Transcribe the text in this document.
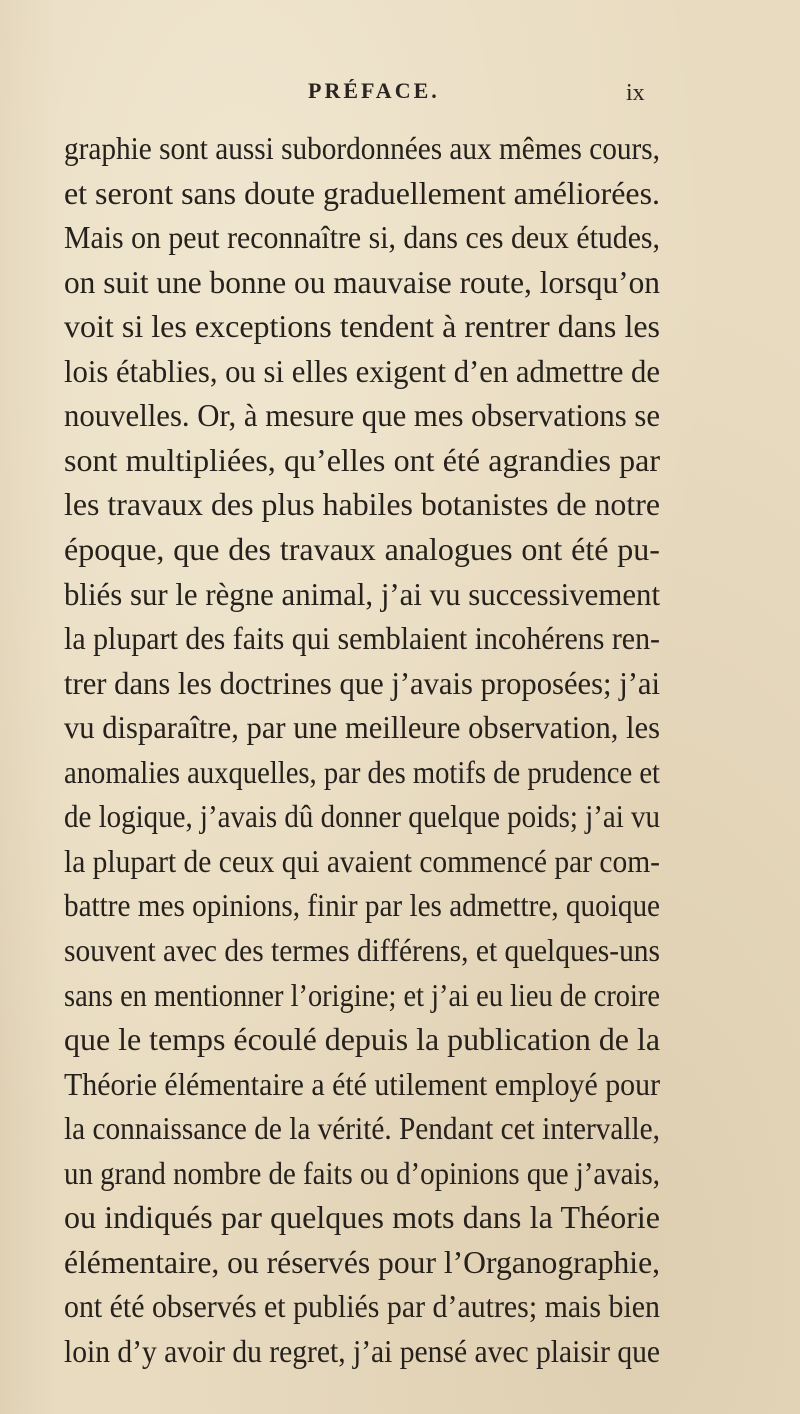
PRÉFACE.	ix
graphie sont aussi subordonnées aux mêmes cours,
et seront sans doute graduellement améliorées.
Mais on peut reconnaître si, dans ces deux études,
on suit une bonne ou mauvaise route, lorsqu’on
voit si les exceptions tendent à rentrer dans les
lois établies, ou si elles exigent d’en admettre de
nouvelles. Or, à mesure que mes observations se
sont multipliées, qu’elles ont été agrandies par
les travaux des plus habiles botanistes de notre
époque, que des travaux analogues ont été pu-
bliés sur le règne animal, j’ai vu successivement
la plupart des faits qui semblaient incohérens ren-
trer dans les doctrines que j’avais proposées; j’ai
vu disparaître, par une meilleure observation, les
anomalies auxquelles, par des motifs de prudence et
de logique, j’avais dû donner quelque poids; j’ai vu
la plupart de ceux qui avaient commencé par com-
battre mes opinions, finir par les admettre, quoique
souvent avec des termes différens, et quelques-uns
sans en mentionner l’origine; et j’ai eu lieu de croire
que le temps écoulé depuis la publication de la
Théorie élémentaire a été utilement employé pour
la connaissance de la vérité. Pendant cet intervalle,
un grand nombre de faits ou d’opinions que j’avais,
ou indiqués par quelques mots dans la Théorie
élémentaire, ou réservés pour l’Organographie,
ont été observés et publiés par d’autres; mais bien
loin d’y avoir du regret, j’ai pensé avec plaisir que
